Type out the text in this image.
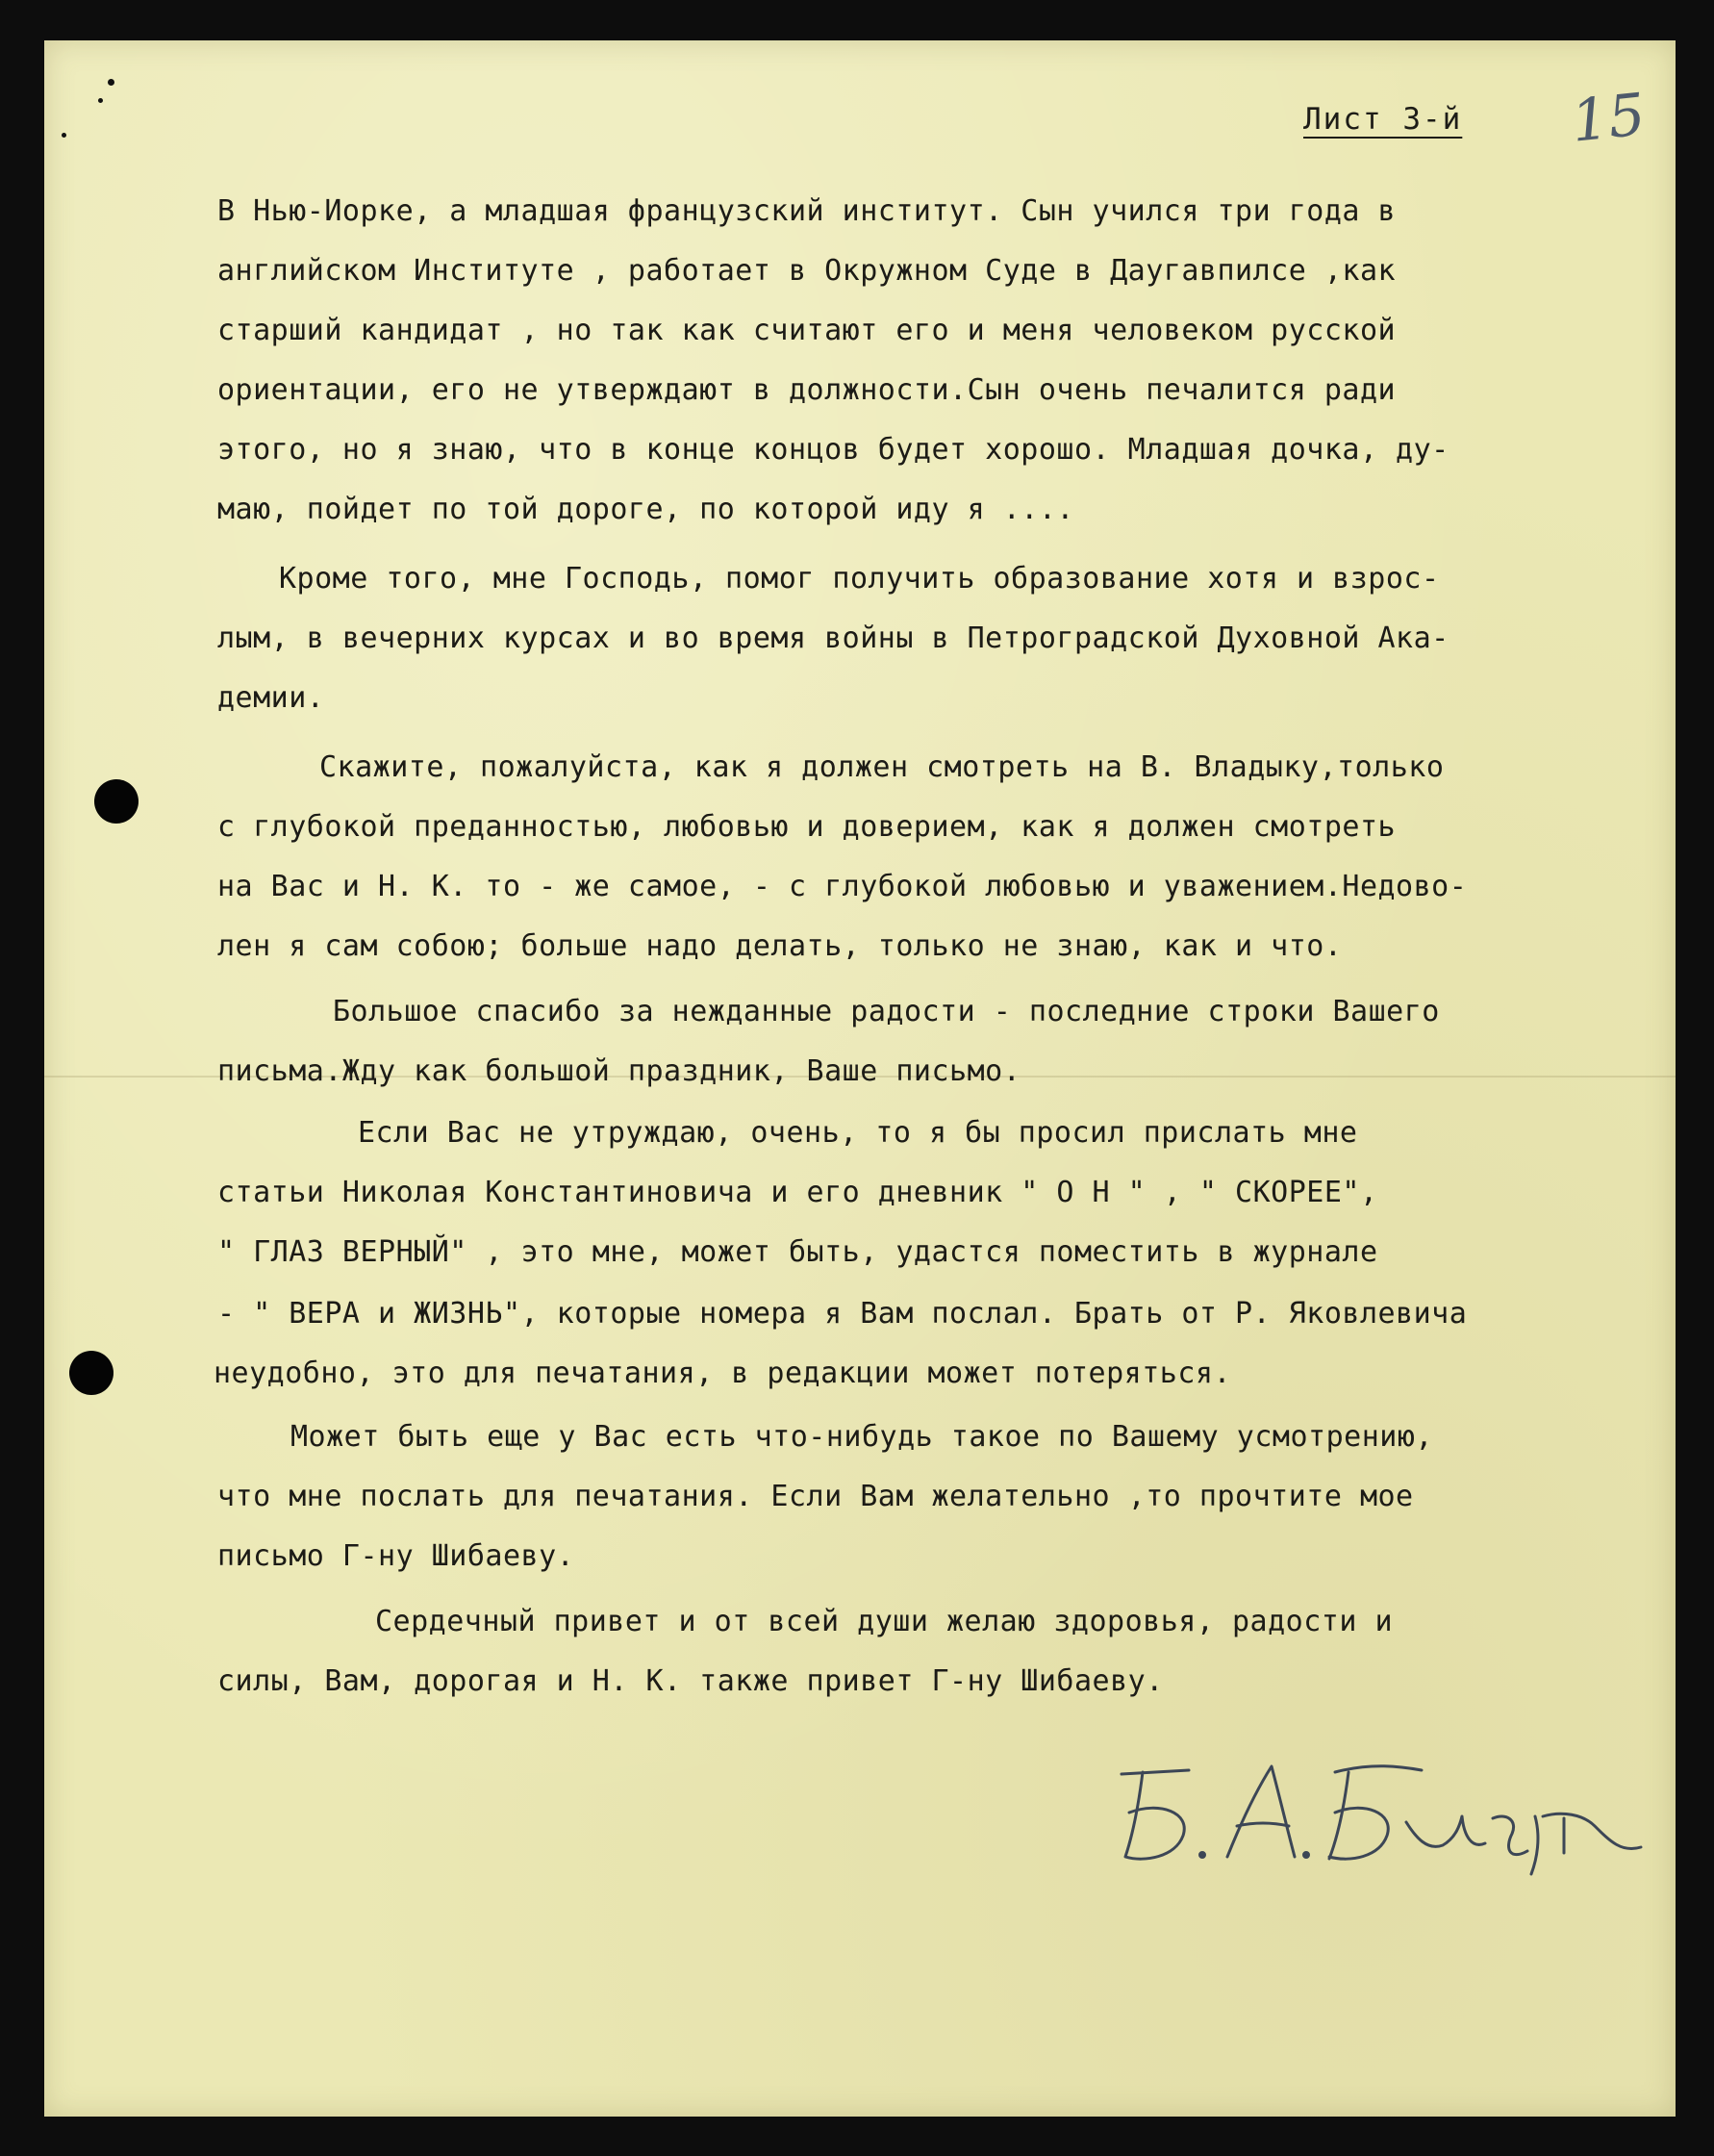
Лист 3-й 15
В Нью-Иорке, а младшая французский институт. Сын учился три года в
английском Институте , работает в Окружном Суде в Даугавпилсе ,как
старший кандидат , но так как считают его и меня человеком русской
ориентации, его не утверждают в должности.Сын очень печалится ради
этого, но я знаю, что в конце концов будет хорошо. Младшая дочка, ду-
маю, пойдет по той дороге, по которой иду я ....
Кроме того, мне Господь, помог получить образование хотя и взрос-
лым, в вечерних курсах и во время войны в Петроградской Духовной Ака-
демии.
Скажите, пожалуйста, как я должен смотреть на В. Владыку,только
с глубокой преданностью, любовью и доверием, как я должен смотреть
на Вас и Н. К. то - же самое, - с глубокой любовью и уважением.Недово-
лен я сам собою; больше надо делать, только не знаю, как и что.
Большое спасибо за нежданные радости - последние строки Вашего
письма.Жду как большой праздник, Ваше письмо.
Если Вас не утруждаю, очень, то я бы просил прислать мне
статьи Николая Константиновича и его дневник " О Н " , " СКОРЕЕ",
" ГЛАЗ ВЕРНЫЙ" , это мне, может быть, удастся поместить в журнале
- " ВЕРА и ЖИЗНЬ", которые номера я Вам послал. Брать от Р. Яковлевича
неудобно, это для печатания, в редакции может потеряться.
Может быть еще у Вас есть что-нибудь такое по Вашему усмотрению,
что мне послать для печатания. Если Вам желательно ,то прочтите мое
письмо Г-ну Шибаеву.
Сердечный привет и от всей души желаю здоровья, радости и
силы, Вам, дорогая и Н. К. также привет Г-ну Шибаеву.
